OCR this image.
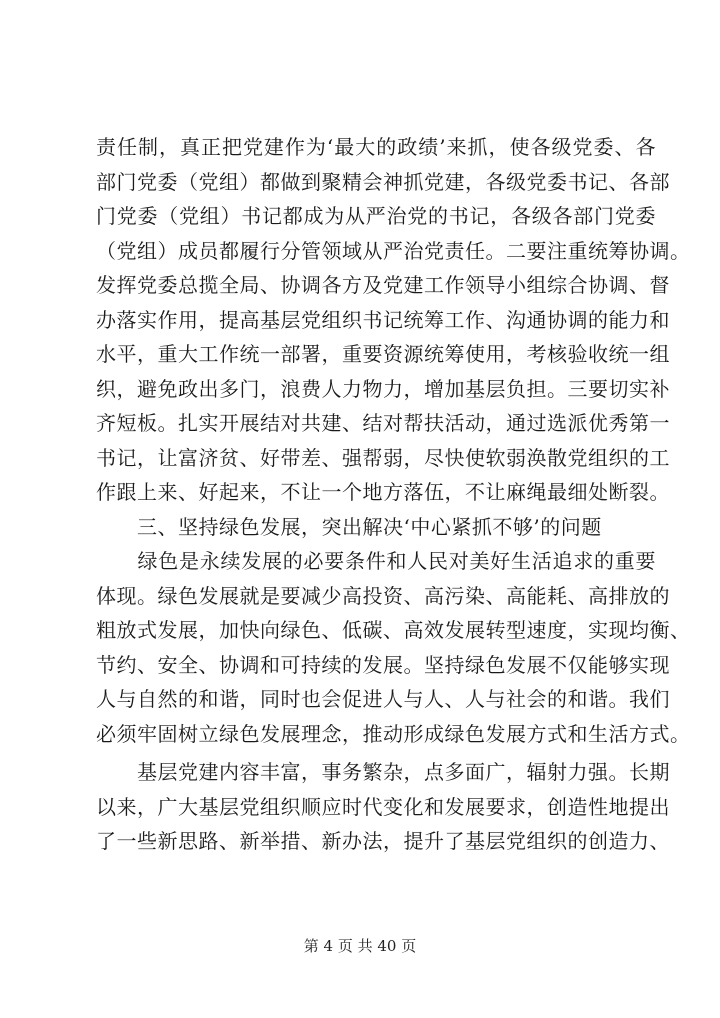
责任制，真正把党建作为‘最大的政绩’来抓，使各级党委、各
部门党委（党组）都做到聚精会神抓党建，各级党委书记、各部
门党委（党组）书记都成为从严治党的书记，各级各部门党委
（党组）成员都履行分管领域从严治党责任。二要注重统筹协调。
发挥党委总揽全局、协调各方及党建工作领导小组综合协调、督
办落实作用，提高基层党组织书记统筹工作、沟通协调的能力和
水平，重大工作统一部署，重要资源统筹使用，考核验收统一组
织，避免政出多门，浪费人力物力，增加基层负担。三要切实补
齐短板。扎实开展结对共建、结对帮扶活动，通过选派优秀第一
书记，让富济贫、好带差、强帮弱，尽快使软弱涣散党组织的工
作跟上来、好起来，不让一个地方落伍，不让麻绳最细处断裂。
　　三、坚持绿色发展，突出解决‘中心紧抓不够’的问题
　　绿色是永续发展的必要条件和人民对美好生活追求的重要
体现。绿色发展就是要减少高投资、高污染、高能耗、高排放的
粗放式发展，加快向绿色、低碳、高效发展转型速度，实现均衡、
节约、安全、协调和可持续的发展。坚持绿色发展不仅能够实现
人与自然的和谐，同时也会促进人与人、人与社会的和谐。我们
必须牢固树立绿色发展理念，推动形成绿色发展方式和生活方式。
　　基层党建内容丰富，事务繁杂，点多面广，辐射力强。长期
以来，广大基层党组织顺应时代变化和发展要求，创造性地提出
了一些新思路、新举措、新办法，提升了基层党组织的创造力、
第 4 页 共 40 页
